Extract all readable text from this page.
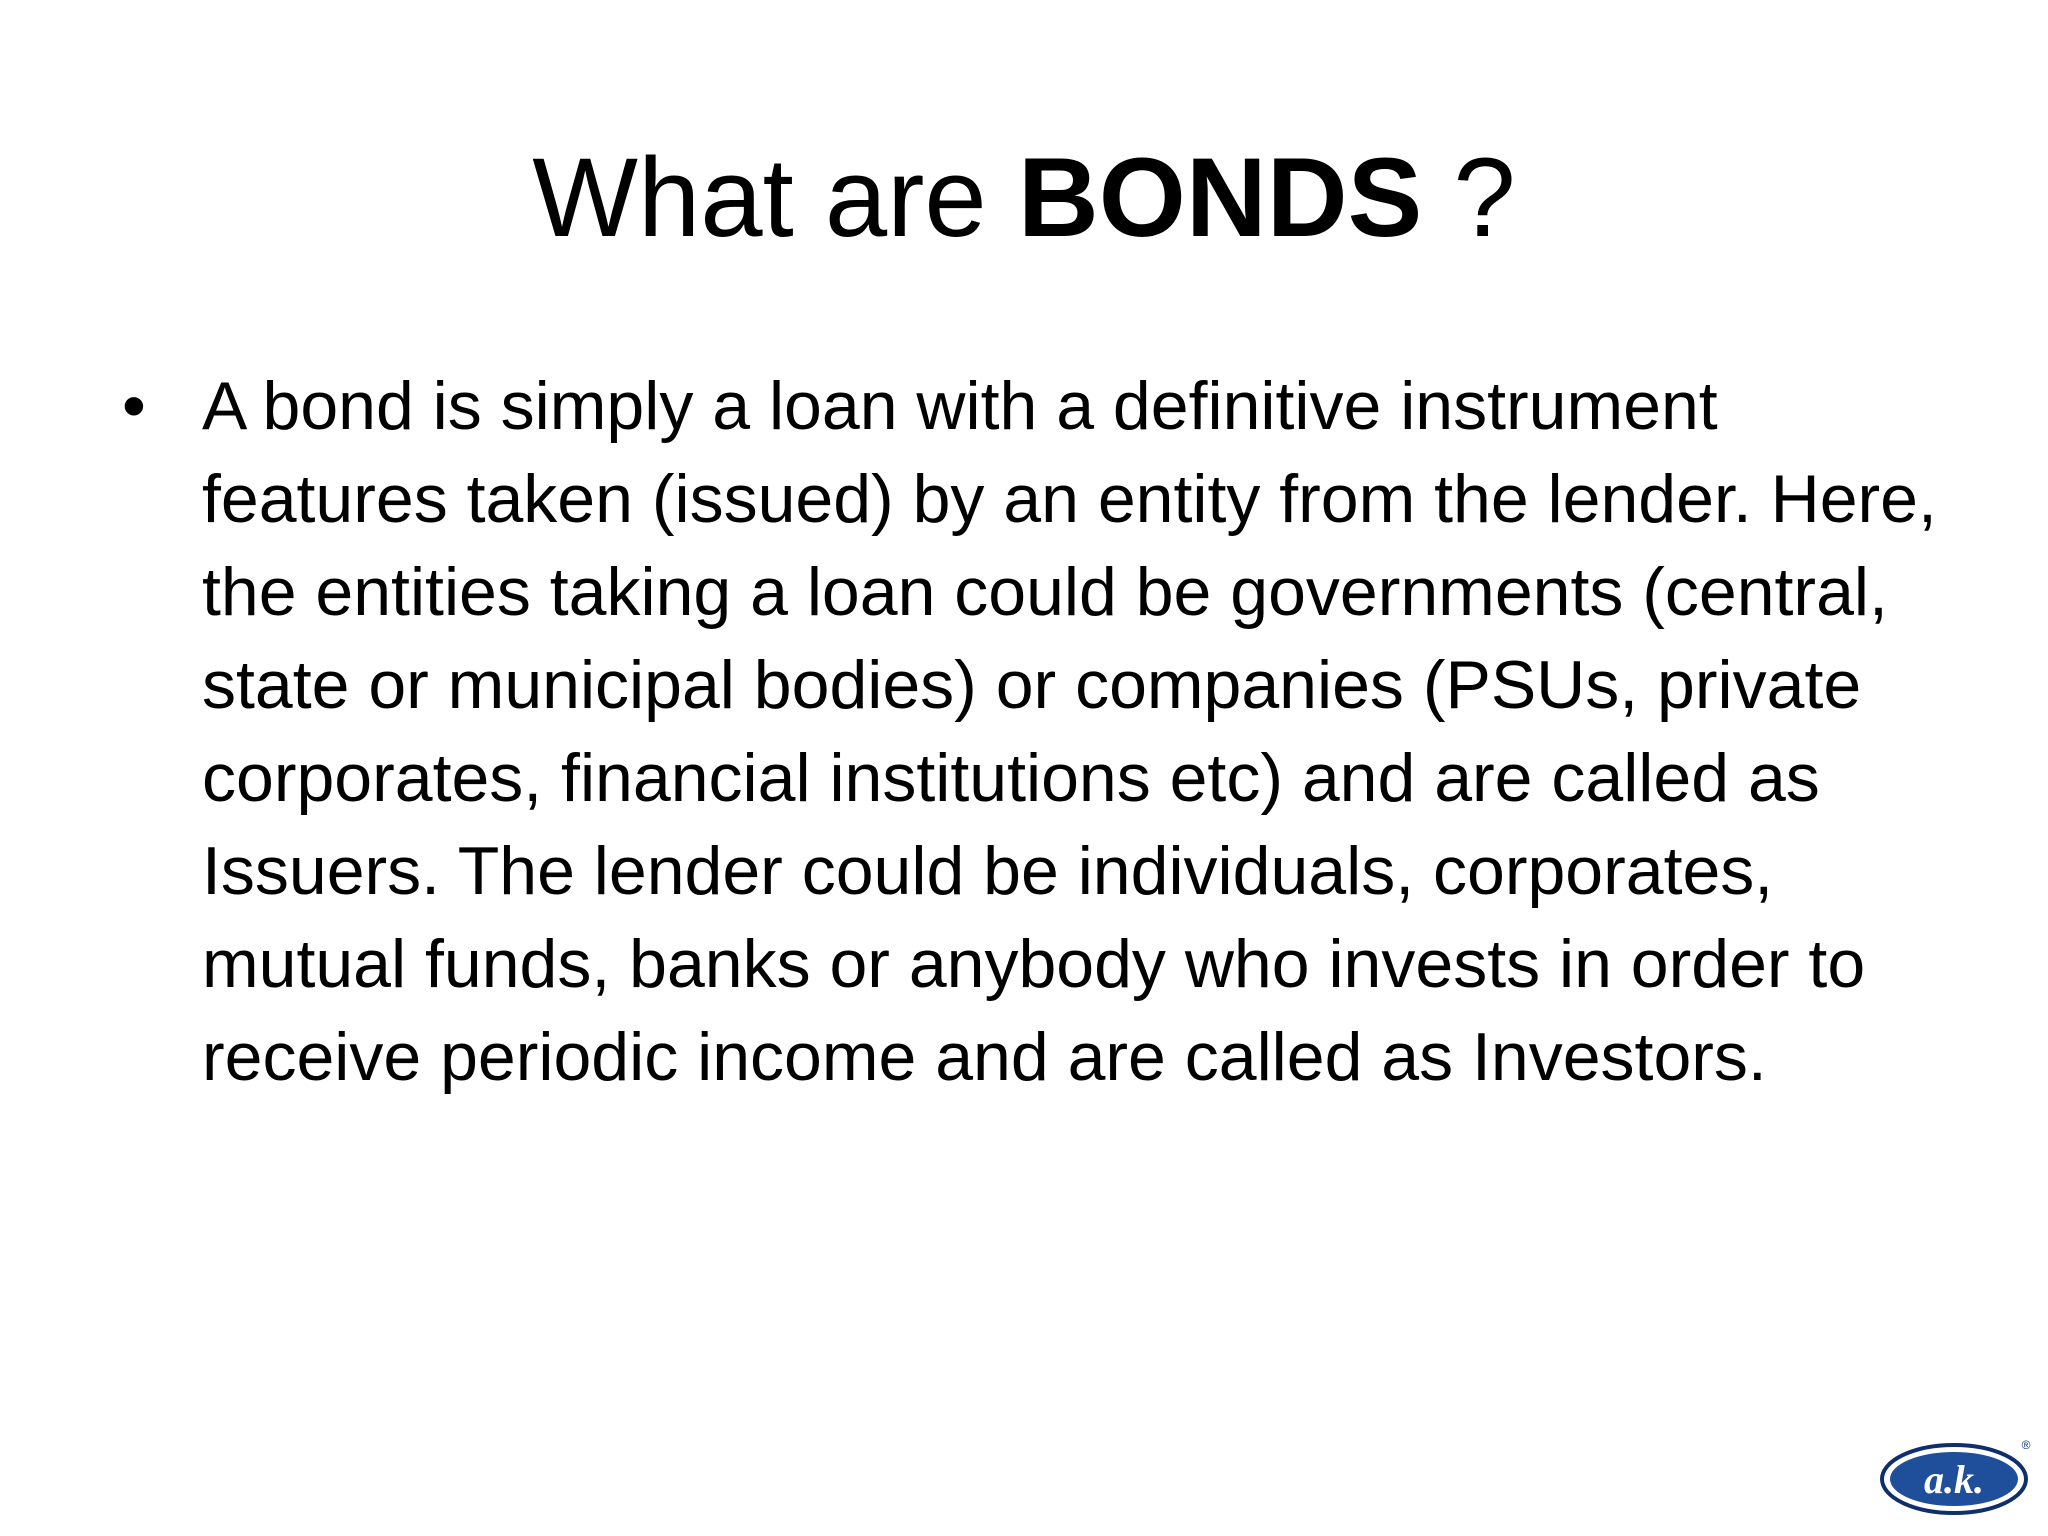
What are BONDS ?
• A bond is simply a loan with a definitive instrument features taken (issued) by an entity from the lender. Here, the entities taking a loan could be governments (central, state or municipal bodies) or companies (PSUs, private corporates, financial institutions etc) and are called as Issuers. The lender could be individuals, corporates, mutual funds, banks or anybody who invests in order to receive periodic income and are called as Investors.
a.k.
®
